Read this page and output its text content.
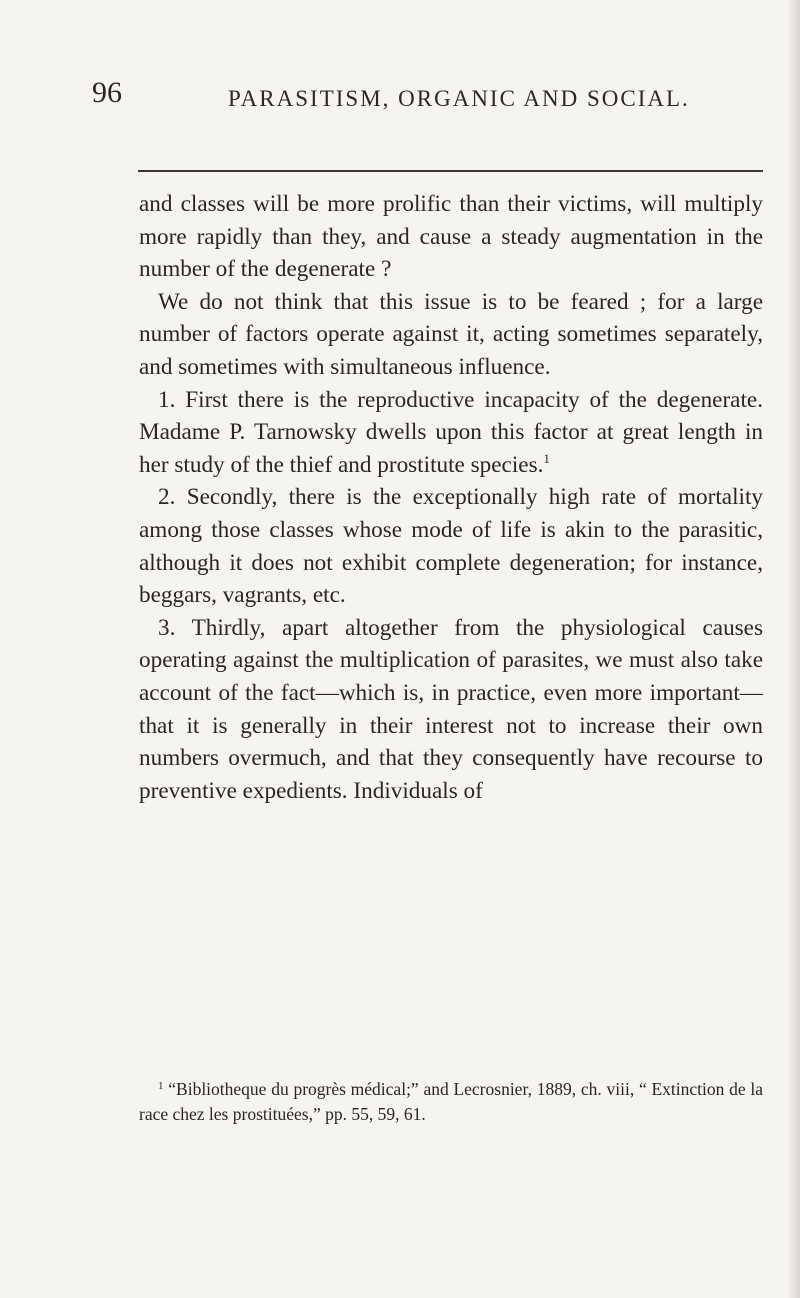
96	PARASITISM, ORGANIC AND SOCIAL.

and classes will be more prolific than their victims, will multiply more rapidly than they, and cause a steady augmentation in the number of the degenerate ?

We do not think that this issue is to be feared ; for a large number of factors operate against it, acting sometimes separately, and sometimes with simultaneous influence.

1. First there is the reproductive incapacity of the degenerate. Madame P. Tarnowsky dwells upon this factor at great length in her study of the thief and prostitute species.$^1$

2. Secondly, there is the exceptionally high rate of mortality among those classes whose mode of life is akin to the parasitic, although it does not exhibit complete degeneration; for instance, beggars, vagrants, etc.

3. Thirdly, apart altogether from the physiological causes operating against the multiplication of parasites, we must also take account of the fact—which is, in practice, even more important—that it is generally in their interest not to increase their own numbers overmuch, and that they consequently have recourse to preventive expedients. Individuals of

$^1$ “Bibliotheque du progrès médical;” and Lecrosnier, 1889, ch. viii, “ Extinction de la race chez les prostituées,” pp. 55, 59, 61.
